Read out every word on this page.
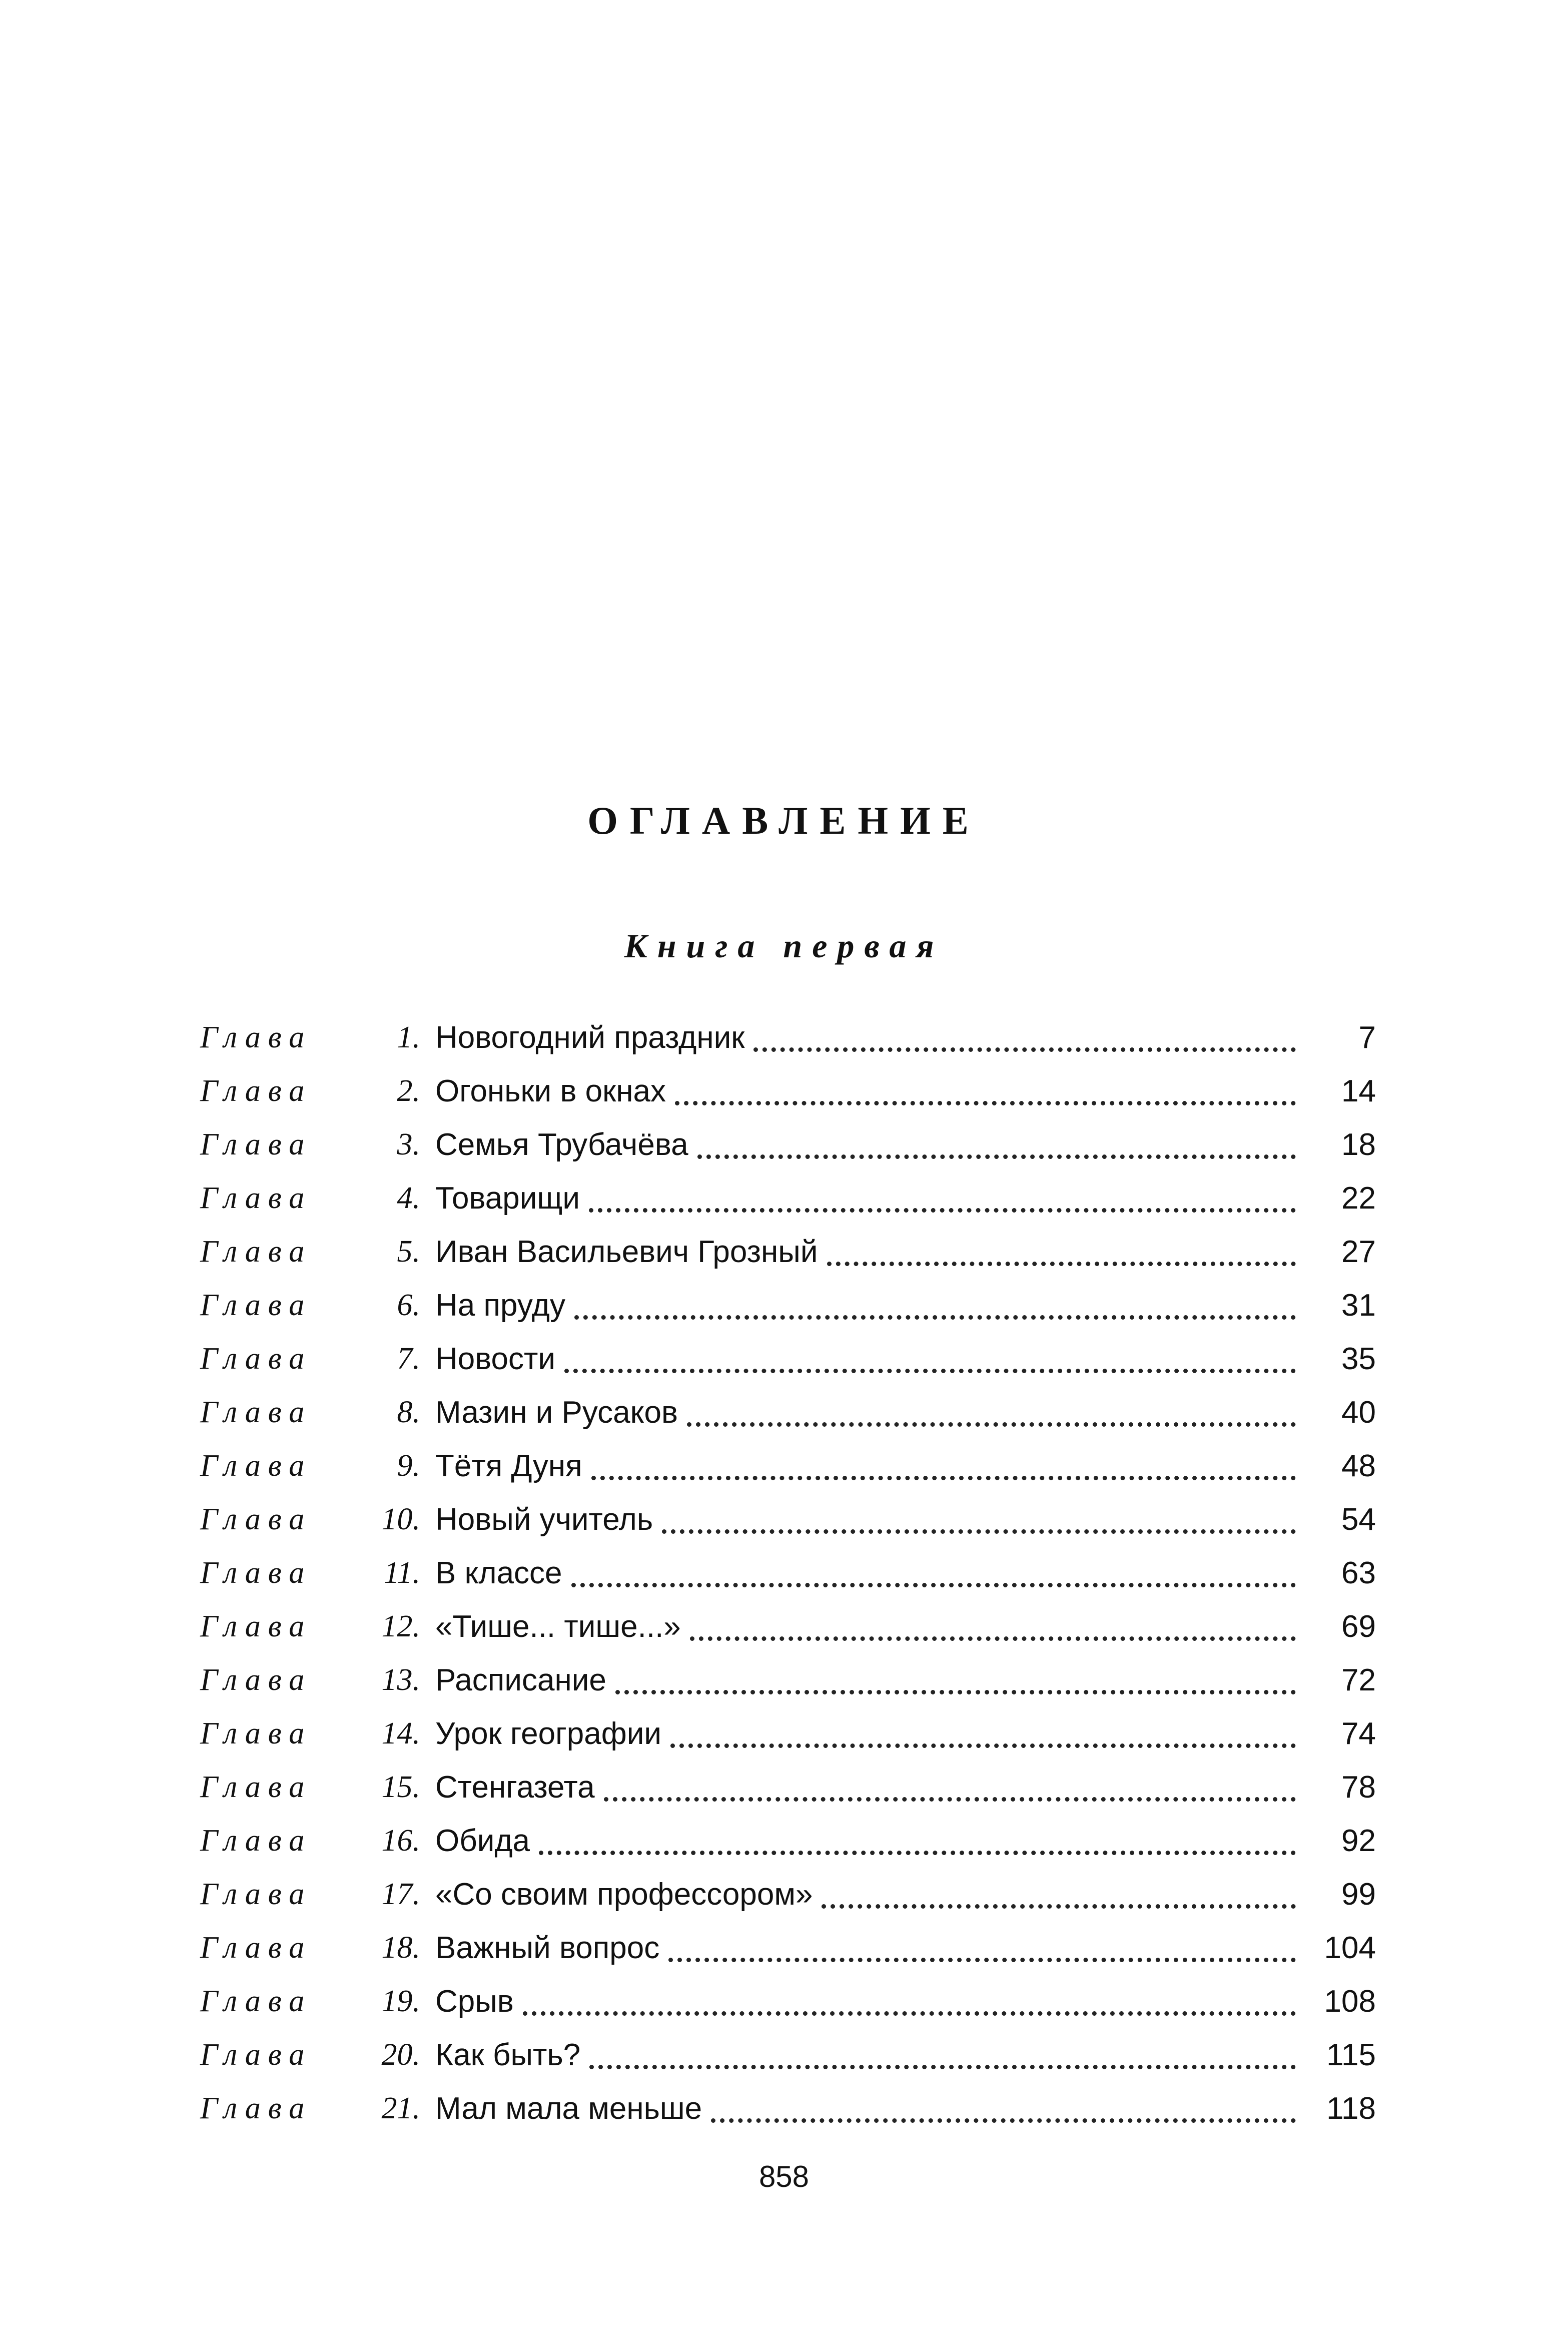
ОГЛАВЛЕНИЕ
Книга первая
Глава	1. Новогодний праздник	7
Глава	2. Огоньки в окнах	14
Глава	3. Семья Трубачёва	18
Глава	4. Товарищи	22
Глава	5. Иван Васильевич Грозный	27
Глава	6. На пруду	31
Глава	7. Новости	35
Глава	8. Мазин и Русаков	40
Глава	9. Тётя Дуня	48
Глава	10. Новый учитель	54
Глава	11. В классе	63
Глава	12. «Тише... тише...»	69
Глава	13. Расписание	72
Глава	14. Урок географии	74
Глава	15. Стенгазета	78
Глава	16. Обида	92
Глава	17. «Со своим профессором»	99
Глава	18. Важный вопрос	104
Глава	19. Срыв	108
Глава	20. Как быть?	115
Глава	21. Мал мала меньше	118
858
